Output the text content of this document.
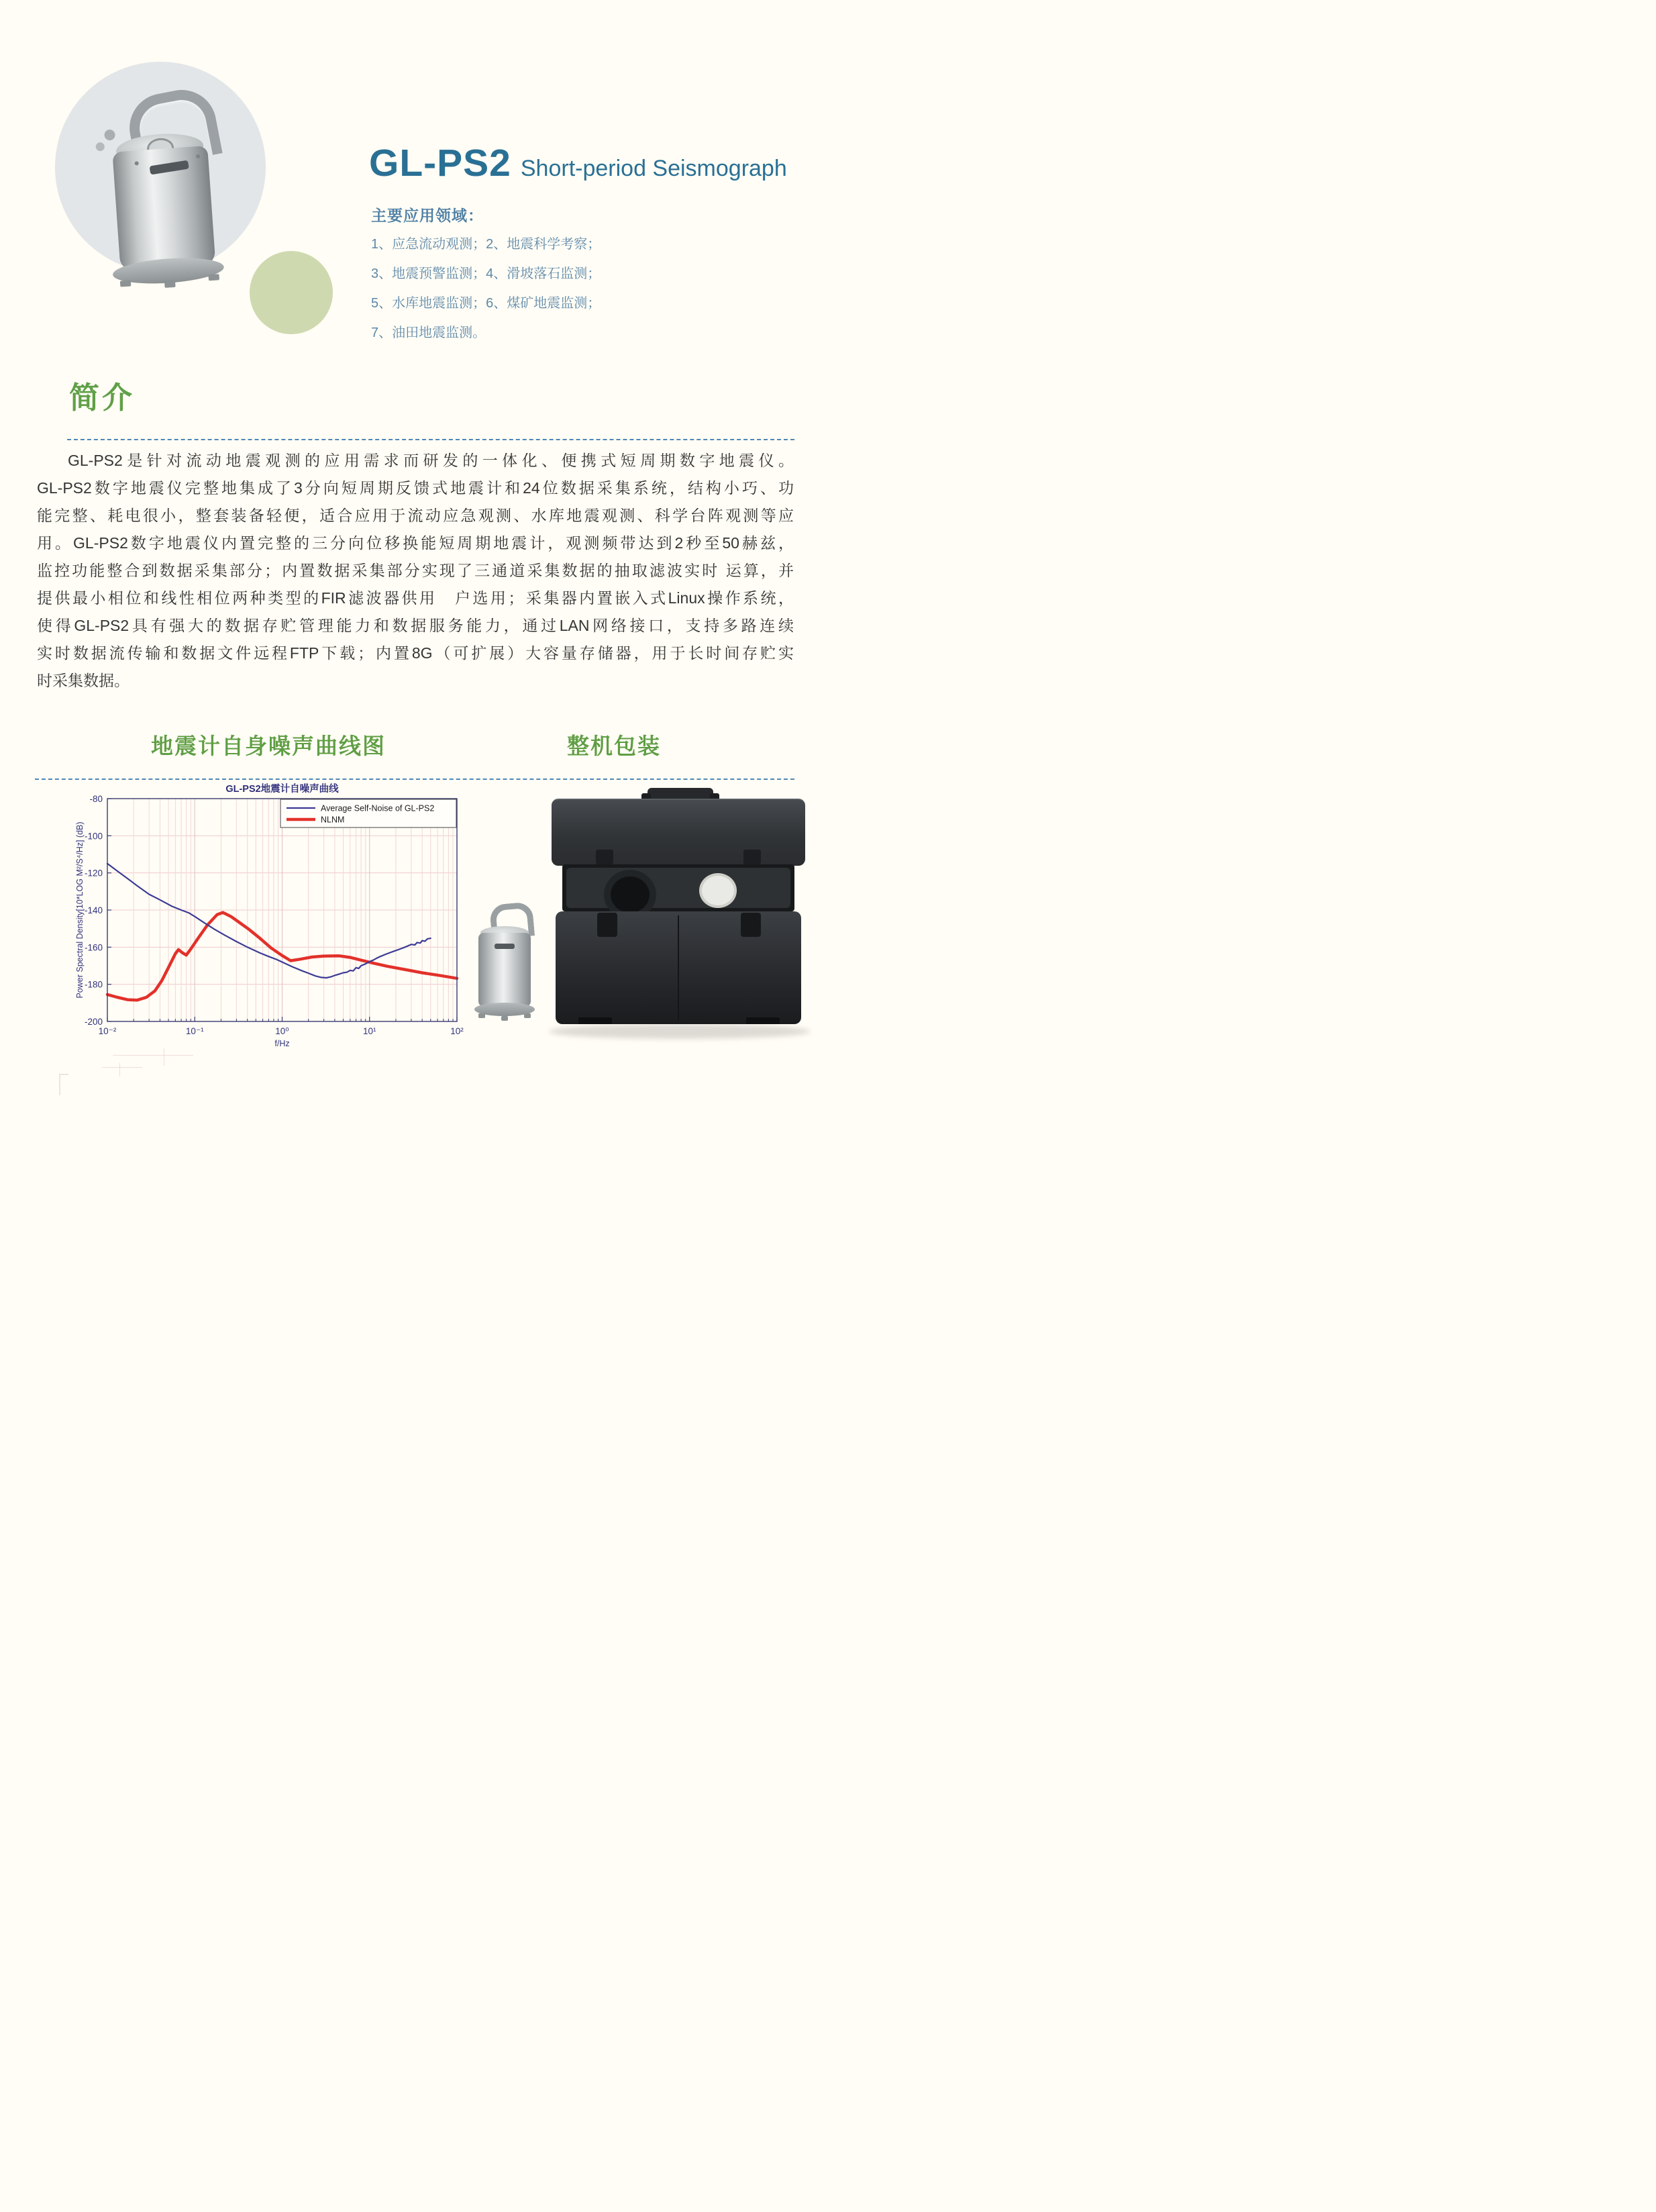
GL-PS2 Short-period Seismograph
主要应用领域：
1、应急流动观测；2、地震科学考察；
3、地震预警监测；4、滑坡落石监测；
5、水库地震监测；6、煤矿地震监测；
7、油田地震监测。
简介
GL-PS2是针对流动地震观测的应用需求而研发的一体化、便携式短周期数字地震仪。
GL-PS2数字地震仪完整地集成了3分向短周期反馈式地震计和24位数据采集系统，结构小巧、功
能完整、耗电很小，整套装备轻便，适合应用于流动应急观测、水库地震观测、科学台阵观测等应
用。GL-PS2数字地震仪内置完整的三分向位移换能短周期地震计，观测频带达到2秒至50赫兹，
监控功能整合到数据采集部分；内置数据采集部分实现了三通道采集数据的抽取滤波实时 运算，并
提供最小相位和线性相位两种类型的FIR滤波器供用　户选用；采集器内置嵌入式Linux操作系统，
使得GL-PS2具有强大的数据存贮管理能力和数据服务能力，通过LAN网络接口，支持多路连续
实时数据流传输和数据文件远程FTP下载；内置8G（可扩展）大容量存储器，用于长时间存贮实
时采集数据。
地震计自身噪声曲线图	整机包装
-80
-100
-120
-140
-160
-180
-200
10⁻²	10⁻¹	10⁰	10¹	10²
f/Hz
Power Spectral Density[10*LOG M²/S⁴/Hz] (dB)
GL-PS2地震计自噪声曲线
Average Self-Noise of GL-PS2
NLNM
